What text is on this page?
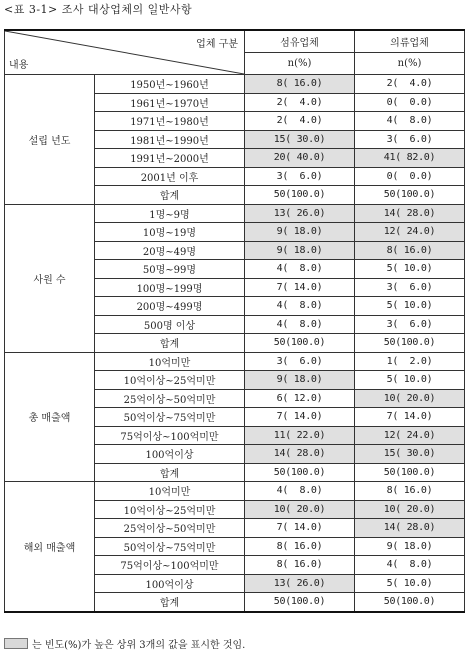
<표 3-1> 조사 대상업체의 일반사항
업체 구분
내용		섬유업체	의류업체
		n(%)	n(%)
설립 년도	1950년~1960년	8( 16.0)	2(  4.0)
	1961년~1970년	2(  4.0)	0(  0.0)
	1971년~1980년	2(  4.0)	4(  8.0)
	1981년~1990년	15( 30.0)	3(  6.0)
	1991년~2000년	20( 40.0)	41( 82.0)
	2001년 이후	3(  6.0)	0(  0.0)
	합계	50(100.0)	50(100.0)
사원 수	1명~9명	13( 26.0)	14( 28.0)
	10명~19명	9( 18.0)	12( 24.0)
	20명~49명	9( 18.0)	8( 16.0)
	50명~99명	4(  8.0)	5( 10.0)
	100명~199명	7( 14.0)	3(  6.0)
	200명~499명	4(  8.0)	5( 10.0)
	500명 이상	4(  8.0)	3(  6.0)
	합계	50(100.0)	50(100.0)
총 매출액	10억미만	3(  6.0)	1(  2.0)
	10억이상~25억미만	9( 18.0)	5( 10.0)
	25억이상~50억미만	6( 12.0)	10( 20.0)
	50억이상~75억미만	7( 14.0)	7( 14.0)
	75억이상~100억미만	11( 22.0)	12( 24.0)
	100억이상	14( 28.0)	15( 30.0)
	합계	50(100.0)	50(100.0)
해외 매출액	10억미만	4(  8.0)	8( 16.0)
	10억이상~25억미만	10( 20.0)	10( 20.0)
	25억이상~50억미만	7( 14.0)	14( 28.0)
	50억이상~75억미만	8( 16.0)	9( 18.0)
	75억이상~100억미만	8( 16.0)	4(  8.0)
	100억이상	13( 26.0)	5( 10.0)
	합계	50(100.0)	50(100.0)
는 빈도(%)가 높은 상위 3개의 값을 표시한 것임.
